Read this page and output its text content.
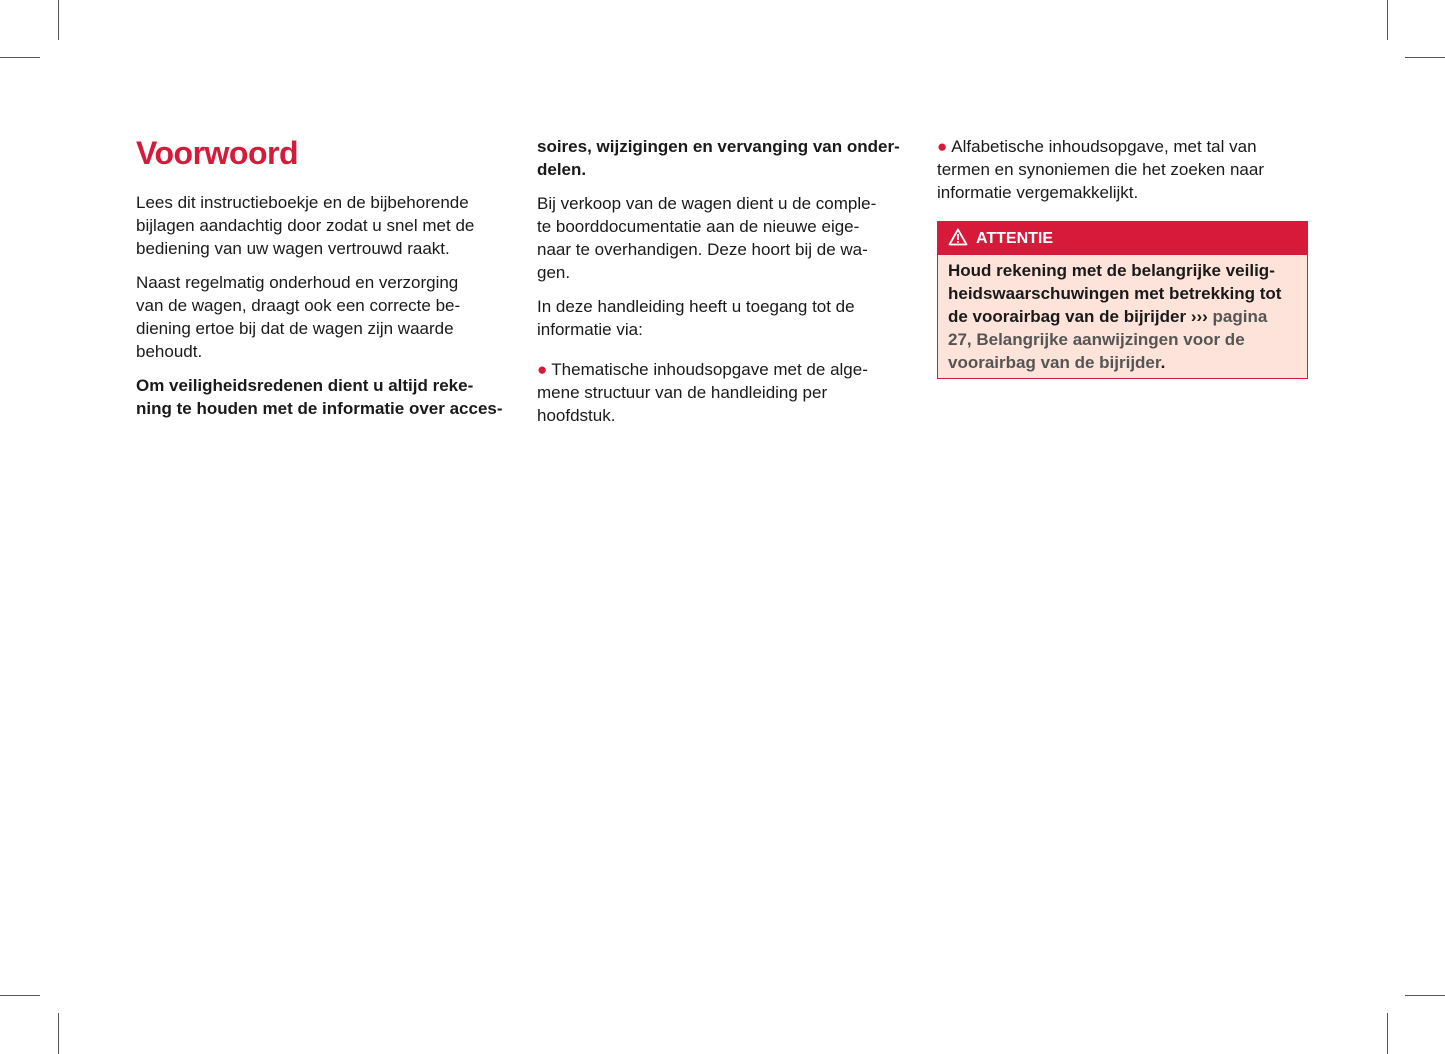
Voorwoord
Lees dit instructieboekje en de bijbehorende
bijlagen aandachtig door zodat u snel met de
bediening van uw wagen vertrouwd raakt.
Naast regelmatig onderhoud en verzorging
van de wagen, draagt ook een correcte be-
diening ertoe bij dat de wagen zijn waarde
behoudt.
Om veiligheidsredenen dient u altijd reke-
ning te houden met de informatie over acces-
soires, wijzigingen en vervanging van onder-
delen.
Bij verkoop van de wagen dient u de comple-
te boorddocumentatie aan de nieuwe eige-
naar te overhandigen. Deze hoort bij de wa-
gen.
In deze handleiding heeft u toegang tot de
informatie via:
● Thematische inhoudsopgave met de alge-
mene structuur van de handleiding per
hoofdstuk.
● Alfabetische inhoudsopgave, met tal van
termen en synoniemen die het zoeken naar
informatie vergemakkelijkt.
ATTENTIE
Houd rekening met de belangrijke veilig-
heidswaarschuwingen met betrekking tot
de voorairbag van de bijrijder ››› pagina
27, Belangrijke aanwijzingen voor de
voorairbag van de bijrijder.
